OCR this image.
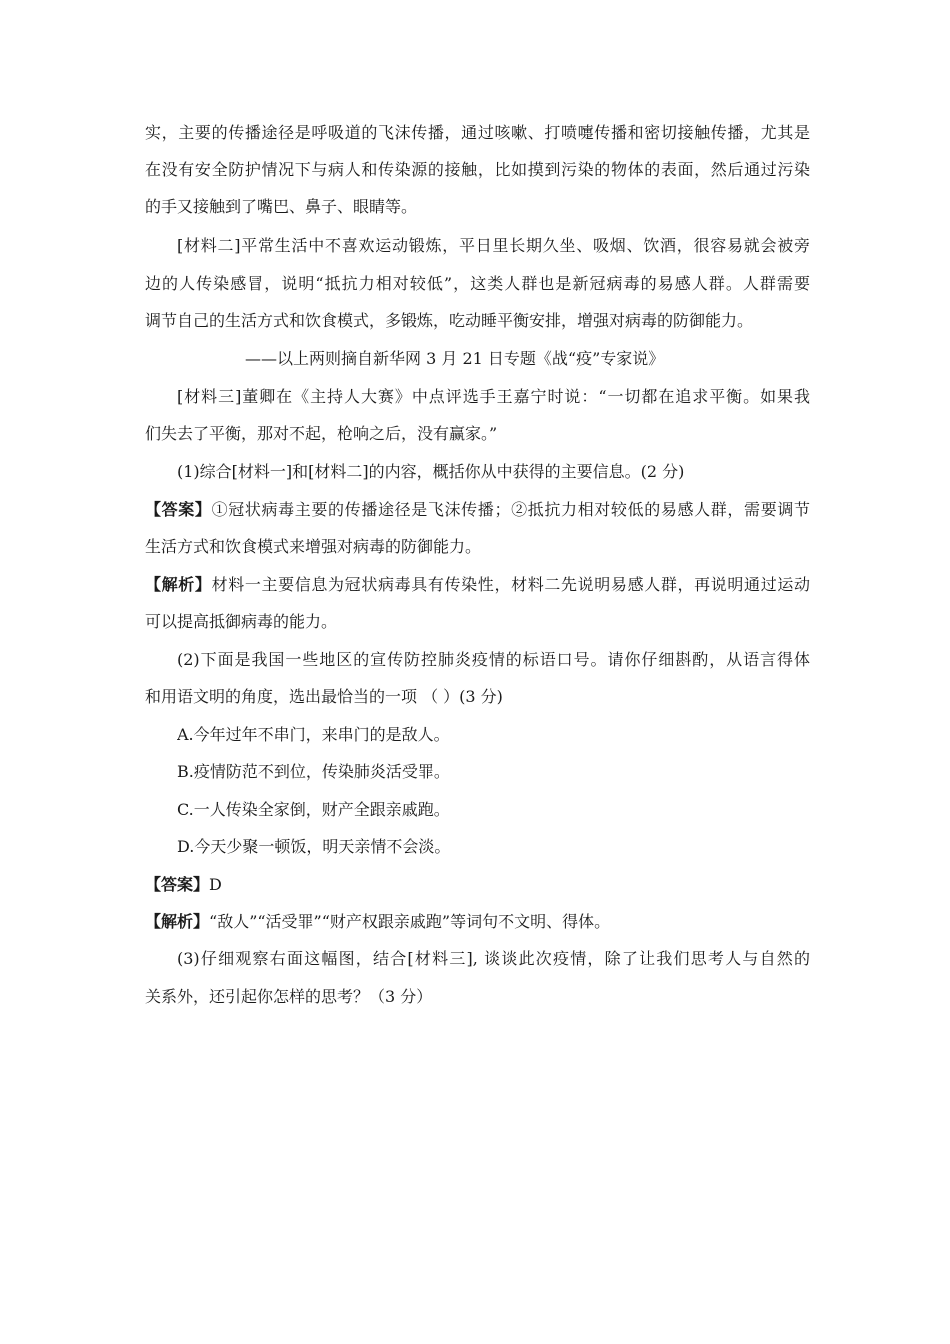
实，主要的传播途径是呼吸道的飞沫传播，通过咳嗽、打喷嚏传播和密切接触传播，尤其是
在没有安全防护情况下与病人和传染源的接触，比如摸到污染的物体的表面，然后通过污染
的手又接触到了嘴巴、鼻子、眼睛等。
[材料二]平常生活中不喜欢运动锻炼，平日里长期久坐、吸烟、饮酒，很容易就会被旁
边的人传染感冒，说明“抵抗力相对较低”，这类人群也是新冠病毒的易感人群。人群需要
调节自己的生活方式和饮食模式，多锻炼，吃动睡平衡安排，增强对病毒的防御能力。
——以上两则摘自新华网 3 月 21 日专题《战“疫”专家说》
[材料三]董卿在《主持人大赛》中点评选手王嘉宁时说：“一切都在追求平衡。如果我
们失去了平衡，那对不起，枪响之后，没有赢家。”
(1)综合[材料一]和[材料二]的内容，概括你从中获得的主要信息。(2 分)
【答案】①冠状病毒主要的传播途径是飞沫传播；②抵抗力相对较低的易感人群，需要调节
生活方式和饮食模式来增强对病毒的防御能力。
【解析】材料一主要信息为冠状病毒具有传染性，材料二先说明易感人群，再说明通过运动
可以提高抵御病毒的能力。
(2)下面是我国一些地区的宣传防控肺炎疫情的标语口号。请你仔细斟酌，从语言得体
和用语文明的角度，选出最恰当的一项 （ ）(3 分)
A.今年过年不串门，来串门的是敌人。
B.疫情防范不到位，传染肺炎活受罪。
C.一人传染全家倒，财产全跟亲戚跑。
D.今天少聚一顿饭，明天亲情不会淡。
【答案】D
【解析】“敌人”“活受罪”“财产权跟亲戚跑”等词句不文明、得体。
(3)仔细观察右面这幅图，结合[材料三], 谈谈此次疫情，除了让我们思考人与自然的
关系外，还引起你怎样的思考？（3 分）
